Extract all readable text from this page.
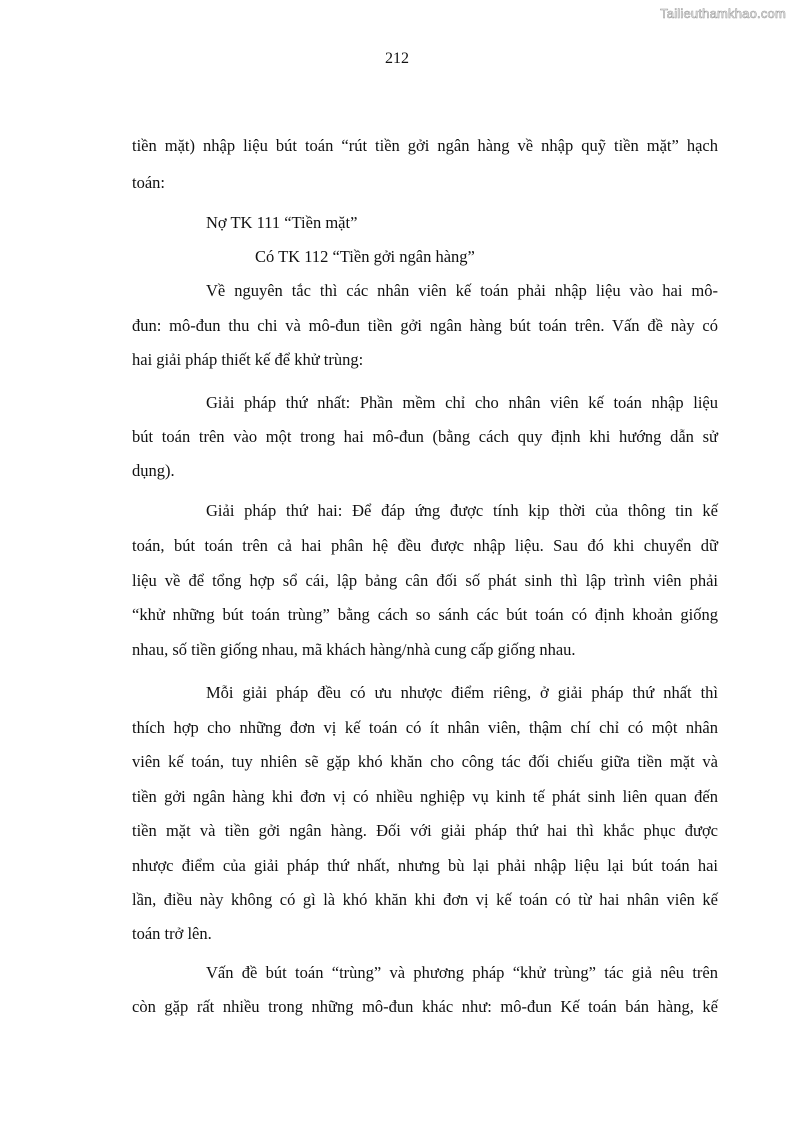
Tailieuthamkhao.com
212
tiền mặt) nhập liệu bút toán “rút tiền gởi ngân hàng về nhập quỹ tiền mặt” hạch
toán:
Nợ TK 111 “Tiền mặt”
Có TK 112 “Tiền gởi ngân hàng”
Về nguyên tắc thì các nhân viên kế toán phải nhập liệu vào hai mô-
đun: mô-đun thu chi và mô-đun tiền gởi ngân hàng bút toán trên. Vấn đề này có
hai giải pháp thiết kế để khử trùng:
Giải pháp thứ nhất: Phần mềm chỉ cho nhân viên kế toán nhập liệu
bút toán trên vào một trong hai mô-đun (bằng cách quy định khi hướng dẫn sử
dụng).
Giải pháp thứ hai: Để đáp ứng được tính kịp thời của thông tin kế
toán, bút toán trên cả hai phân hệ đều được nhập liệu. Sau đó khi chuyển dữ
liệu về để tổng hợp sổ cái, lập bảng cân đối số phát sinh thì lập trình viên phải
“khử những bút toán trùng” bằng cách so sánh các bút toán có định khoản giống
nhau, số tiền giống nhau, mã khách hàng/nhà cung cấp giống nhau.
Mỗi giải pháp đều có ưu nhược điểm riêng, ở giải pháp thứ nhất thì
thích hợp cho những đơn vị kế toán có ít nhân viên, thậm chí chỉ có một nhân
viên kế toán, tuy nhiên sẽ gặp khó khăn cho công tác đối chiếu giữa tiền mặt và
tiền gởi ngân hàng khi đơn vị có nhiều nghiệp vụ kinh tế phát sinh liên quan đến
tiền mặt và tiền gởi ngân hàng. Đối với giải pháp thứ hai thì khắc phục được
nhược điểm của giải pháp thứ nhất, nhưng bù lại phải nhập liệu lại bút toán hai
lần, điều này không có gì là khó khăn khi đơn vị kế toán có từ hai nhân viên kế
toán trở lên.
Vấn đề bút toán “trùng” và phương pháp “khử trùng” tác giả nêu trên
còn gặp rất nhiều trong những mô-đun khác như: mô-đun Kế toán bán hàng, kế
